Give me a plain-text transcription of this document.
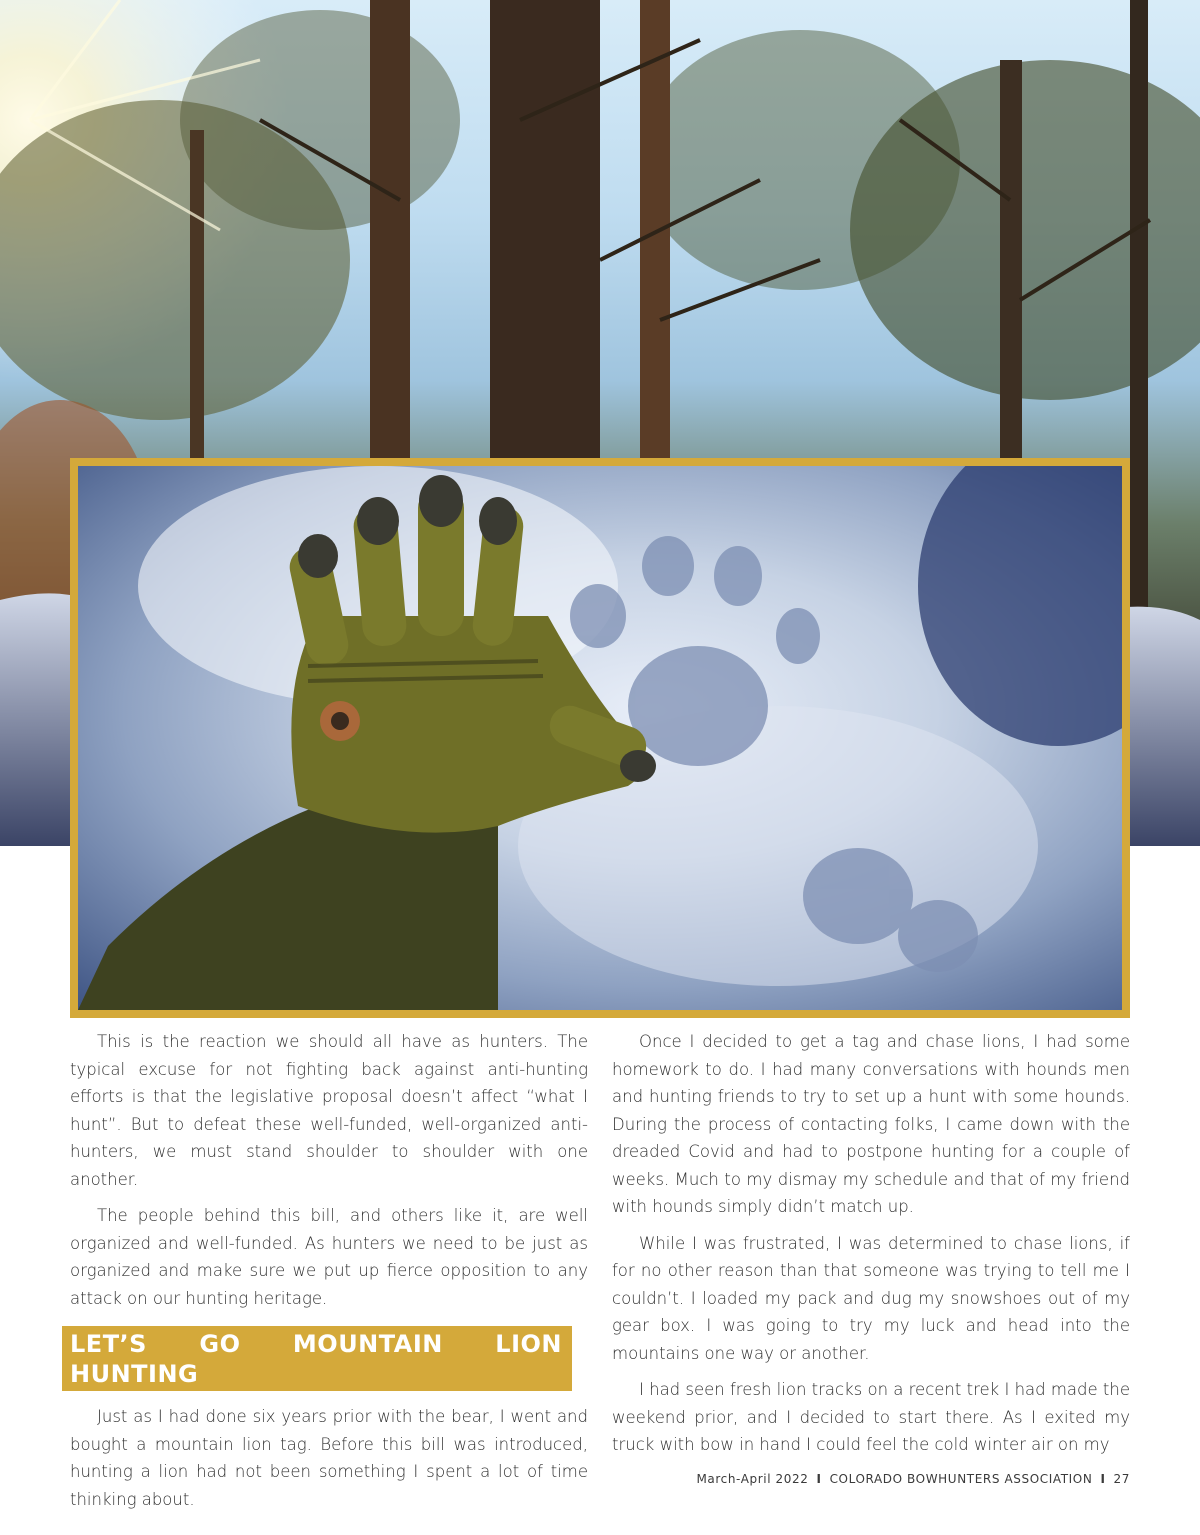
This is the reaction we should all have as hunters. The typical excuse for not fighting back against anti-hunting efforts is that the legislative proposal doesn’t affect “what I hunt”. But to defeat these well-funded, well-organized anti-hunters, we must stand shoulder to shoulder with one another.

The people behind this bill, and others like it, are well organized and well-funded. As hunters we need to be just as organized and make sure we put up fierce opposition to any attack on our hunting heritage.

LET’S GO MOUNTAIN LION HUNTING

Just as I had done six years prior with the bear, I went and bought a mountain lion tag. Before this bill was introduced, hunting a lion had not been something I spent a lot of time thinking about.

Once I decided to get a tag and chase lions, I had some homework to do. I had many conversations with hounds men and hunting friends to try to set up a hunt with some hounds. During the process of contacting folks, I came down with the dreaded Covid and had to postpone hunting for a couple of weeks. Much to my dismay my schedule and that of my friend with hounds simply didn’t match up.

While I was frustrated, I was determined to chase lions, if for no other reason than that someone was trying to tell me I couldn’t. I loaded my pack and dug my snowshoes out of my gear box. I was going to try my luck and head into the mountains one way or another.

I had seen fresh lion tracks on a recent trek I had made the weekend prior, and I decided to start there. As I exited my truck with bow in hand I could feel the cold winter air on my

March-April 2022 I COLORADO BOWHUNTERS ASSOCIATION I 27
